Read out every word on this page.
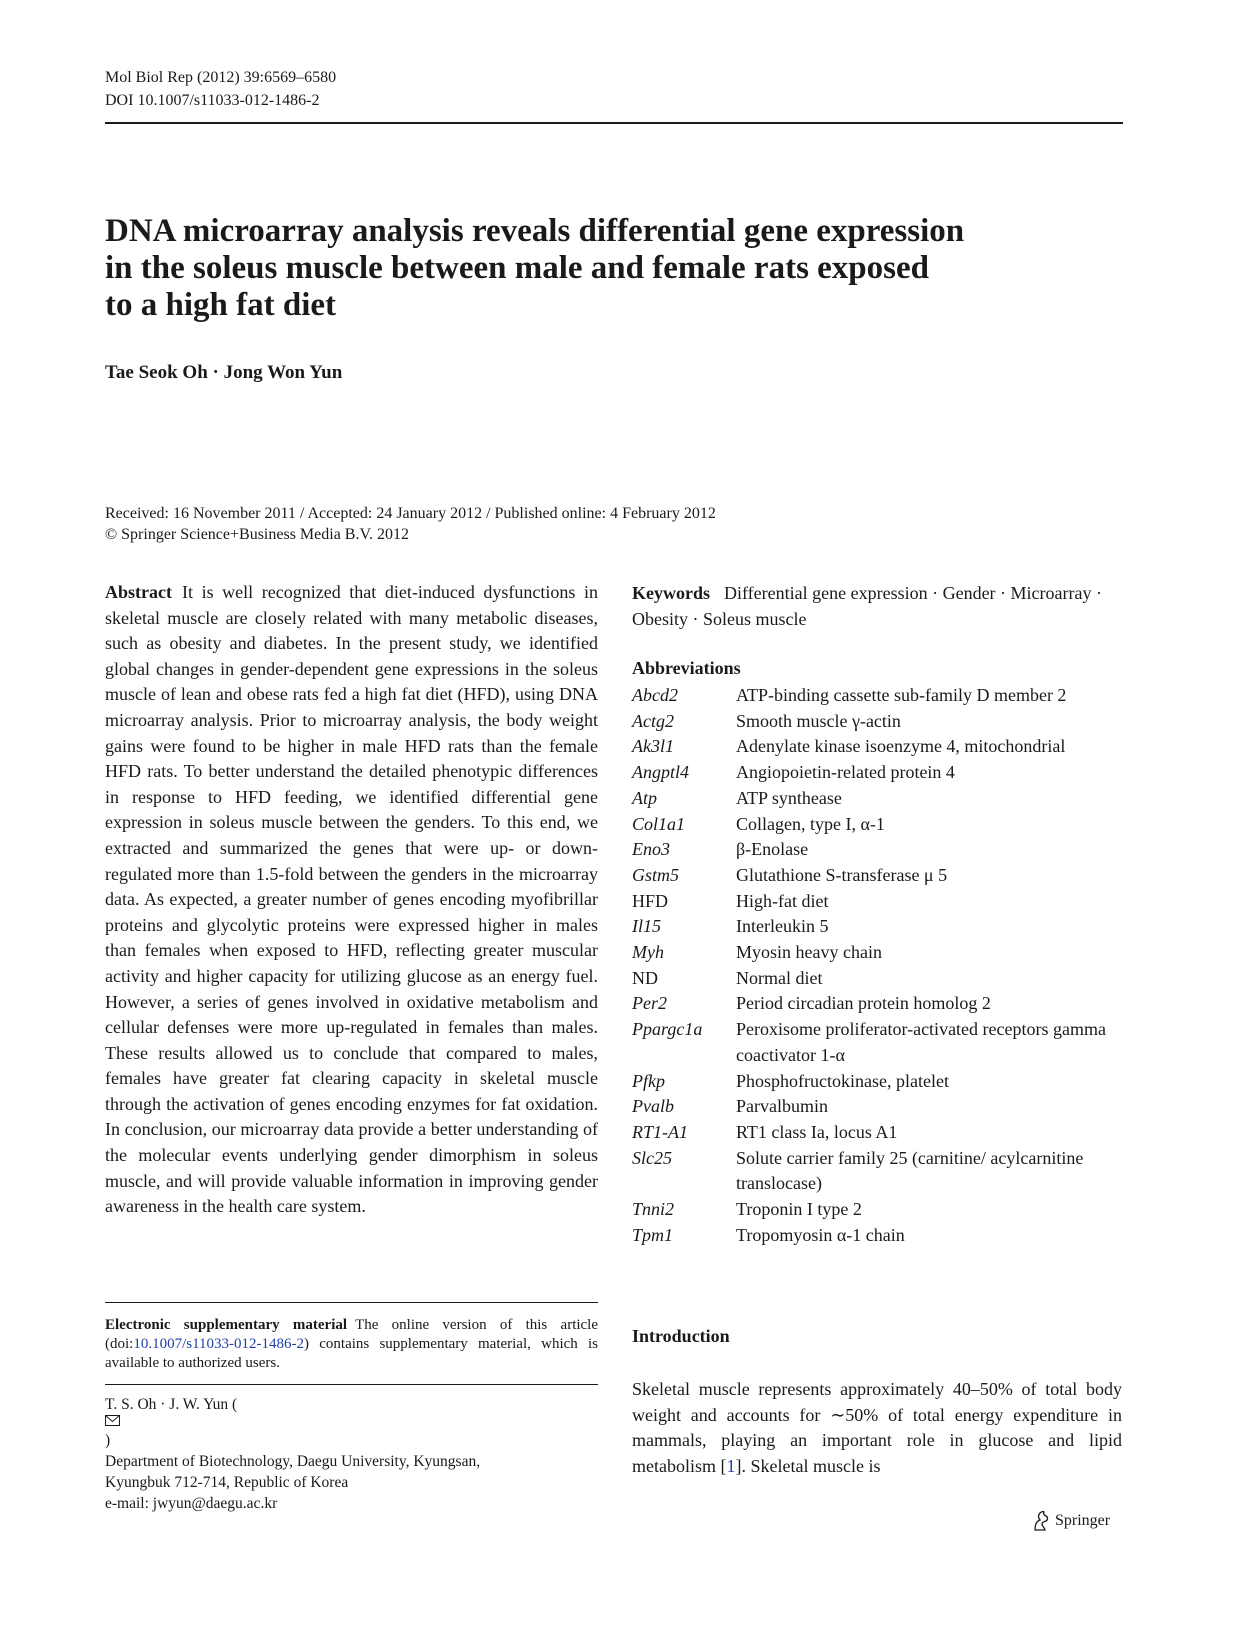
Mol Biol Rep (2012) 39:6569–6580
DOI 10.1007/s11033-012-1486-2
DNA microarray analysis reveals differential gene expression
in the soleus muscle between male and female rats exposed
to a high fat diet
Tae Seok Oh · Jong Won Yun
Received: 16 November 2011 / Accepted: 24 January 2012 / Published online: 4 February 2012
© Springer Science+Business Media B.V. 2012
Abstract It is well recognized that diet-induced dysfunctions in skeletal muscle are closely related with many metabolic diseases, such as obesity and diabetes. In the present study, we identified global changes in gender-dependent gene expressions in the soleus muscle of lean and obese rats fed a high fat diet (HFD), using DNA microarray analysis. Prior to microarray analysis, the body weight gains were found to be higher in male HFD rats than the female HFD rats. To better understand the detailed phenotypic differences in response to HFD feeding, we identified differential gene expression in soleus muscle between the genders. To this end, we extracted and summarized the genes that were up- or down-regulated more than 1.5-fold between the genders in the microarray data. As expected, a greater number of genes encoding myofibrillar proteins and glycolytic proteins were expressed higher in males than females when exposed to HFD, reflecting greater muscular activity and higher capacity for utilizing glucose as an energy fuel. However, a series of genes involved in oxidative metabolism and cellular defenses were more up-regulated in females than males. These results allowed us to conclude that compared to males, females have greater fat clearing capacity in skeletal muscle through the activation of genes encoding enzymes for fat oxidation. In conclusion, our microarray data provide a better understanding of the molecular events underlying gender dimorphism in soleus muscle, and will provide valuable information in improving gender awareness in the health care system.
Electronic supplementary material The online version of this article (doi:10.1007/s11033-012-1486-2) contains supplementary material, which is available to authorized users.
T. S. Oh · J. W. Yun (
)
Department of Biotechnology, Daegu University, Kyungsan,
Kyungbuk 712-714, Republic of Korea
e-mail: jwyun@daegu.ac.kr
Keywords Differential gene expression · Gender · Microarray · Obesity · Soleus muscle
Abbreviations
Abcd2	ATP-binding cassette sub-family D member 2
Actg2	Smooth muscle γ-actin
Ak3l1	Adenylate kinase isoenzyme 4, mitochondrial
Angptl4	Angiopoietin-related protein 4
Atp	ATP synthease
Col1a1	Collagen, type I, α-1
Eno3	β-Enolase
Gstm5	Glutathione S-transferase μ 5
HFD	High-fat diet
Il15	Interleukin 5
Myh	Myosin heavy chain
ND	Normal diet
Per2	Period circadian protein homolog 2
Ppargc1a	Peroxisome proliferator-activated receptors gamma coactivator 1-α
Pfkp	Phosphofructokinase, platelet
Pvalb	Parvalbumin
RT1-A1	RT1 class Ia, locus A1
Slc25	Solute carrier family 25 (carnitine/ acylcarnitine translocase)
Tnni2	Troponin I type 2
Tpm1	Tropomyosin α-1 chain
Introduction
Skeletal muscle represents approximately 40–50% of total body weight and accounts for ∼50% of total energy expenditure in mammals, playing an important role in glucose and lipid metabolism [1]. Skeletal muscle is
Springer
